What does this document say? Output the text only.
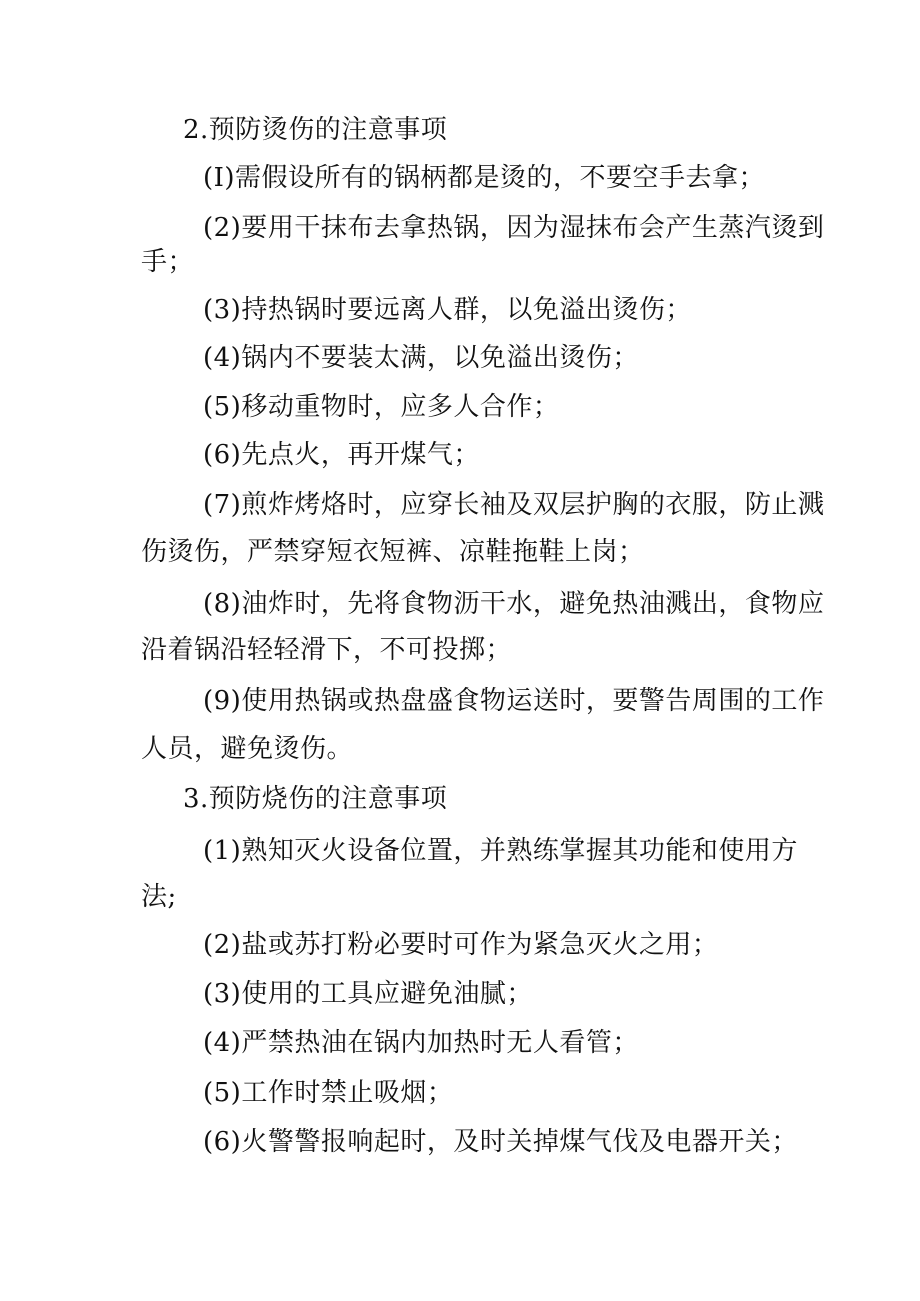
2.预防烫伤的注意事项
(I)需假设所有的锅柄都是烫的，不要空手去拿；
(2)要用干抹布去拿热锅，因为湿抹布会产生蒸汽烫到
手；
(3)持热锅时要远离人群，以免溢出烫伤；
(4)锅内不要装太满，以免溢出烫伤；
(5)移动重物时，应多人合作；
(6)先点火，再开煤气；
(7)煎炸烤烙时，应穿长袖及双层护胸的衣服，防止溅
伤烫伤，严禁穿短衣短裤、凉鞋拖鞋上岗；
(8)油炸时，先将食物沥干水，避免热油溅出，食物应
沿着锅沿轻轻滑下，不可投掷；
(9)使用热锅或热盘盛食物运送时，要警告周围的工作
人员，避免烫伤。
3.预防烧伤的注意事项
(1)熟知灭火设备位置，并熟练掌握其功能和使用方
法;
(2)盐或苏打粉必要时可作为紧急灭火之用；
(3)使用的工具应避免油腻；
(4)严禁热油在锅内加热时无人看管；
(5)工作时禁止吸烟；
(6)火警警报响起时，及时关掉煤气伐及电器开关；
